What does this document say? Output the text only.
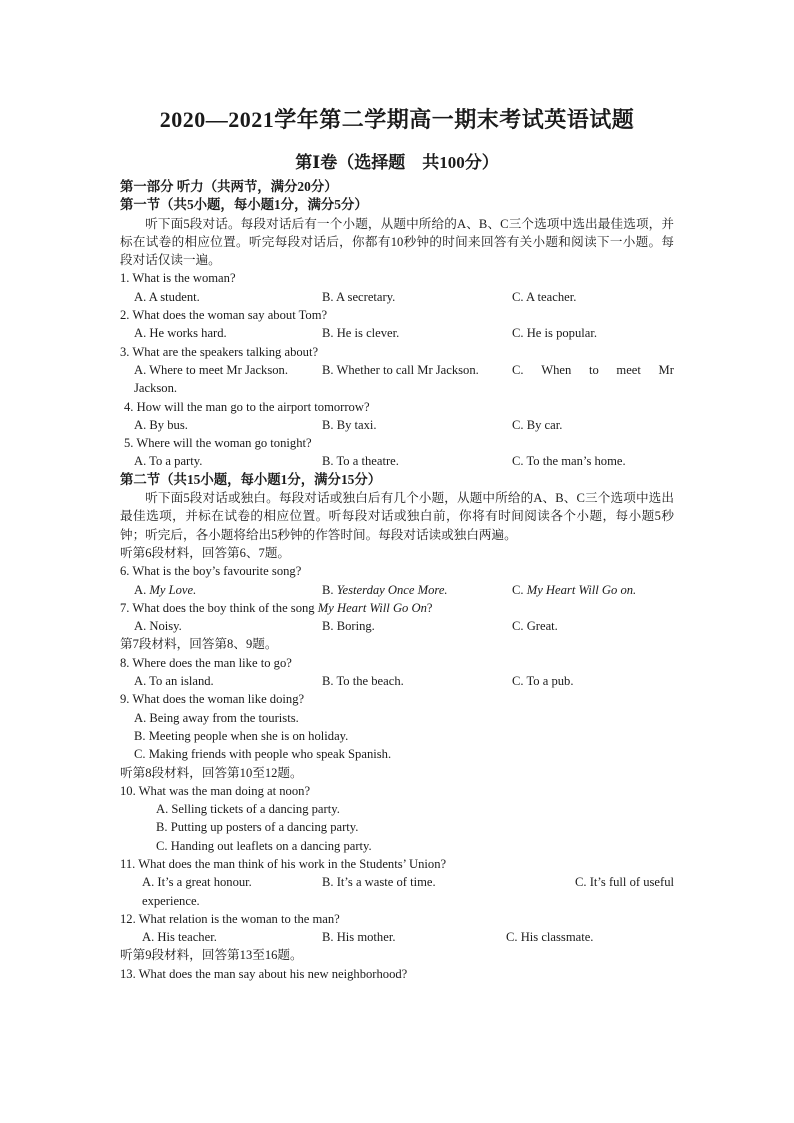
2020—2021学年第二学期高一期末考试英语试题
第Ⅰ卷（选择题　共100分）
第一部分 听力（共两节，满分20分）
第一节（共5小题，每小题1分，满分5分）

听下面5段对话。每段对话后有一个小题，从题中所给的A、B、C三个选项中选出最佳选项，并标在试卷的相应位置。听完每段对话后，你都有10秒钟的时间来回答有关小题和阅读下一小题。每段对话仅读一遍。

1. What is the woman?
A. A student.	B. A secretary.	C. A teacher.
2. What does the woman say about Tom?
A. He works hard.	B. He is clever.	C. He is popular.
3. What are the speakers talking about?
A. Where to meet Mr Jackson.	B. Whether to call Mr Jackson.	C. When to meet Mr
Jackson.
4. How will the man go to the airport tomorrow?
A. By bus.	B. By taxi.	C. By car.
5. Where will the woman go tonight?
A. To a party.	B. To a theatre.	C. To the man’s home.
第二节（共15小题，每小题1分，满分15分）

听下面5段对话或独白。每段对话或独白后有几个小题，从题中所给的A、B、C三个选项中选出最佳选项，并标在试卷的相应位置。听每段对话或独白前，你将有时间阅读各个小题，每小题5秒钟；听完后，各小题将给出5秒钟的作答时间。每段对话读或独白两遍。

听第6段材料，回答第6、7题。
6. What is the boy’s favourite song?
A. My Love.	B. Yesterday Once More.	C. My Heart Will Go on.
7. What does the boy think of the song My Heart Will Go On?
A. Noisy.	B. Boring.	C. Great.
第7段材料，回答第8、9题。
8. Where does the man like to go?
A. To an island.	B. To the beach.	C. To a pub.
9. What does the woman like doing?
A. Being away from the tourists.
B. Meeting people when she is on holiday.
C. Making friends with people who speak Spanish.
听第8段材料，回答第10至12题。
10. What was the man doing at noon?
A. Selling tickets of a dancing party.
B. Putting up posters of a dancing party.
C. Handing out leaflets on a dancing party.
11. What does the man think of his work in the Students’ Union?
A. It’s a great honour.	B. It’s a waste of time.	C. It’s full of useful
experience.
12. What relation is the woman to the man?
A. His teacher.	B. His mother.	C. His classmate.
听第9段材料，回答第13至16题。
13. What does the man say about his new neighborhood?
